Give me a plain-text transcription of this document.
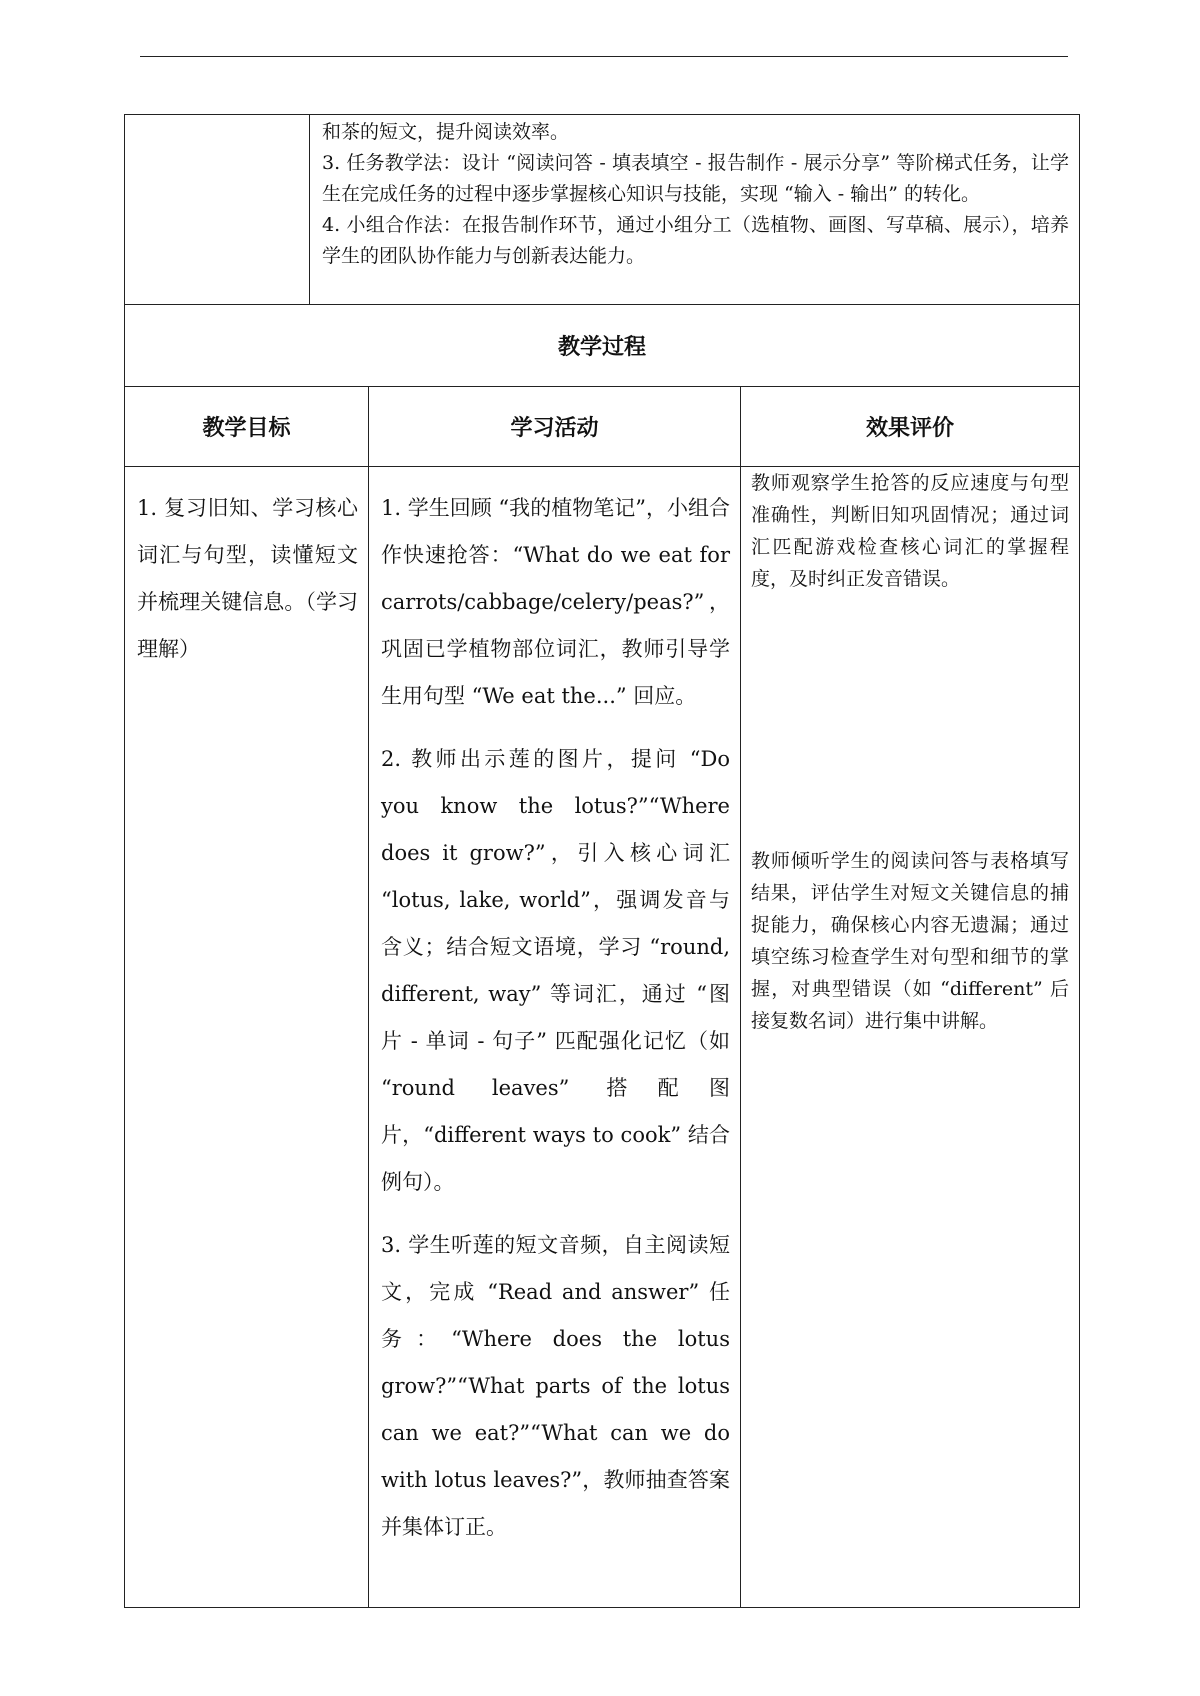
和茶的短文，提升阅读效率。

3. 任务教学法：设计 “阅读问答 - 填表填空 - 报告制作 - 展示分享” 等阶梯式任务，让学生在完成任务的过程中逐步掌握核心知识与技能，实现 “输入 - 输出” 的转化。

4. 小组合作法：在报告制作环节，通过小组分工（选植物、画图、写草稿、展示），培养学生的团队协作能力与创新表达能力。

教学过程
教学目标	学习活动	效果评价
1. 复习旧知、学习核心词汇与句型，读懂短文并梳理关键信息。（学习理解）

1. 学生回顾 “我的植物笔记”，小组合作快速抢答：“What do we eat for carrots/cabbage/celery/peas?”，巩固已学植物部位词汇，教师引导学生用句型 “We eat the...” 回应。

2. 教师出示莲的图片，提问 “Do you know the lotus?”“Where does it grow?”，引入核心词汇 “lotus, lake, world”，强调发音与含义；结合短文语境，学习 “round, different, way” 等词汇，通过 “图片 - 单词 - 句子” 匹配强化记忆（如 “round leaves” 搭配图片，“different ways to cook” 结合例句）。

3. 学生听莲的短文音频，自主阅读短文，完成 “Read and answer” 任务：“Where does the lotus grow?”“What parts of the lotus can we eat?”“What can we do with lotus leaves?”，教师抽查答案并集体订正。

教师观察学生抢答的反应速度与句型准确性，判断旧知巩固情况；通过词汇匹配游戏检查核心词汇的掌握程度，及时纠正发音错误。

教师倾听学生的阅读问答与表格填写结果，评估学生对短文关键信息的捕捉能力，确保核心内容无遗漏；通过填空练习检查学生对句型和细节的掌握，对典型错误（如 “different” 后接复数名词）进行集中讲解。
